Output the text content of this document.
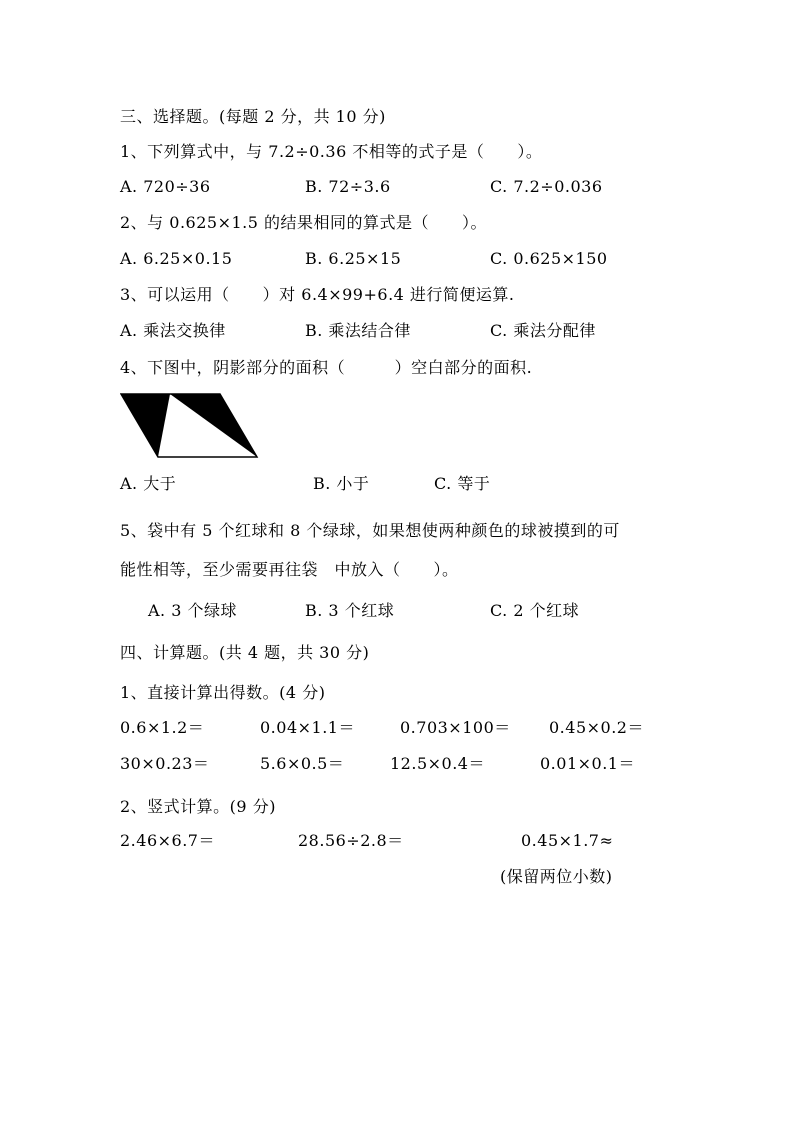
三、选择题。(每题 2 分，共 10 分)
1、下列算式中，与 7.2÷0.36 不相等的式子是（　　）。
A. 720÷36	B. 72÷3.6	C. 7.2÷0.036
2、与 0.625×1.5 的结果相同的算式是（　　）。
A. 6.25×0.15	B. 6.25×15	C. 0.625×150
3、可以运用（　　）对 6.4×99+6.4 进行简便运算.
A. 乘法交换律	B. 乘法结合律	C. 乘法分配律
4、下图中，阴影部分的面积（　　　）空白部分的面积.
A. 大于	B. 小于	C. 等于
5、袋中有 5 个红球和 8 个绿球，如果想使两种颜色的球被摸到的可
能性相等，至少需要再往袋　中放入（　　）。
A. 3 个绿球	B. 3 个红球	C. 2 个红球
四、计算题。(共 4 题，共 30 分)
1、直接计算出得数。(4 分)
0.6×1.2＝	0.04×1.1＝	0.703×100＝ 0.45×0.2＝
30×0.23＝	5.6×0.5＝	12.5×0.4＝	0.01×0.1＝
2、竖式计算。(9 分)
2.46×6.7＝	28.56÷2.8＝	0.45×1.7≈
(保留两位小数)
